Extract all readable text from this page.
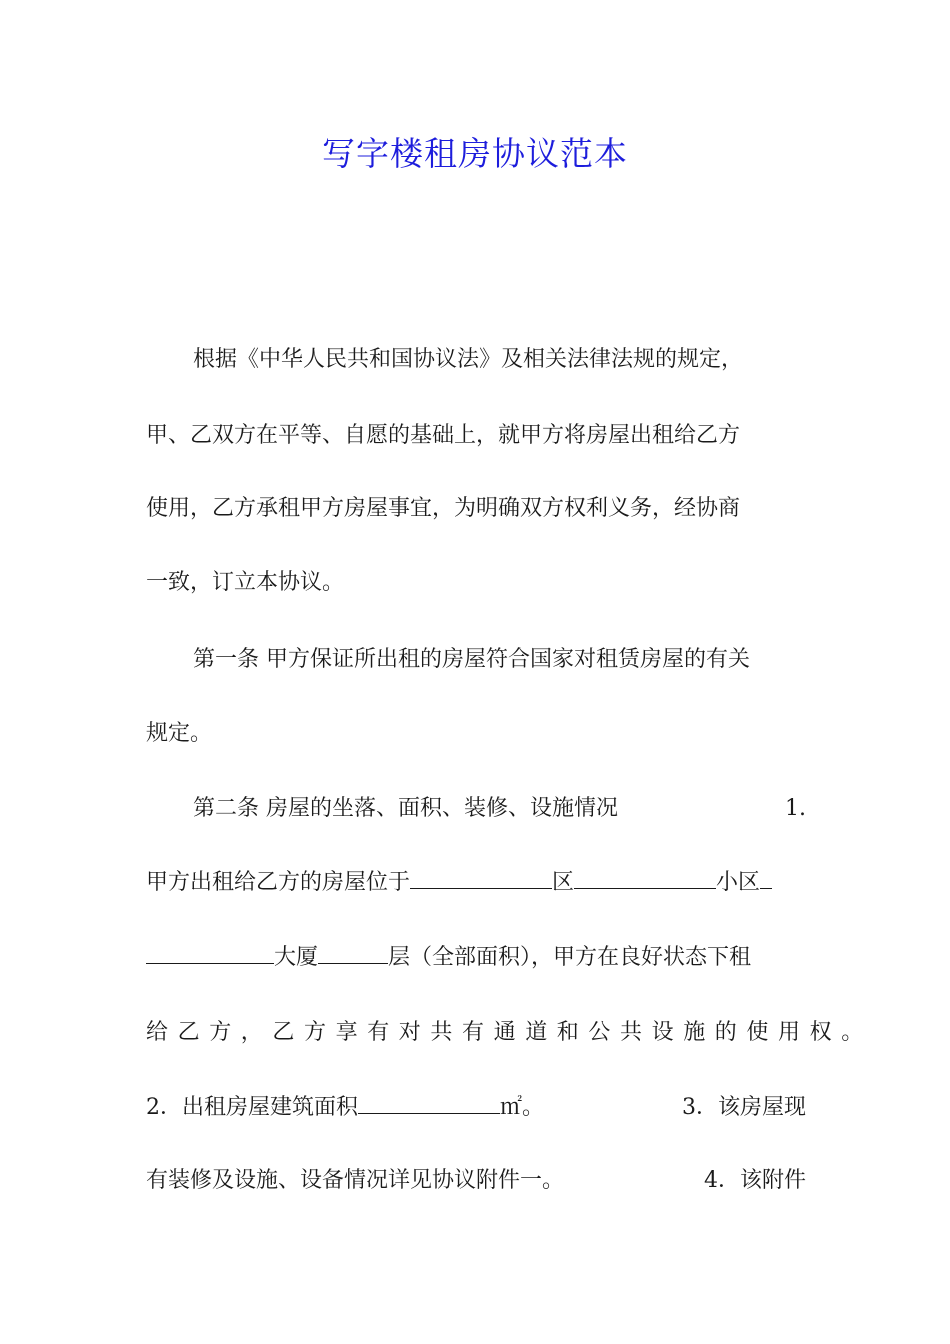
写字楼租房协议范本
根据《中华人民共和国协议法》及相关法律法规的规定，
甲、乙双方在平等、自愿的基础上，就甲方将房屋出租给乙方
使用，乙方承租甲方房屋事宜，为明确双方权利义务，经协商
一致，订立本协议。
第一条 甲方保证所出租的房屋符合国家对租赁房屋的有关
规定。
第二条 房屋的坐落、面积、装修、设施情况	1.
甲方出租给乙方的房屋位于	区	小区
大厦	层（全部面积），甲方在良好状态下租
给乙方，乙方享有对共有通道和公共设施的使用权。
2．出租房屋建筑面积	㎡。	3．该房屋现
有装修及设施、设备情况详见协议附件一。	4．该附件
